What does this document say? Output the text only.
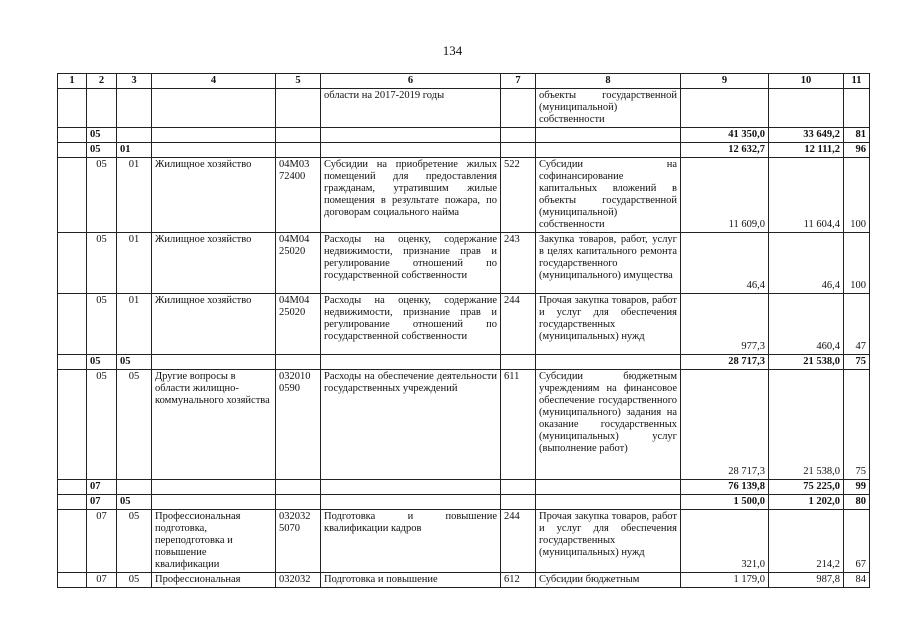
134
1	2	3	4	5	6	7	8	9	10	11
					области на 2017-2019 годы		объекты государственной (муниципальной) собственности			
	05							41 350,0	33 649,2	81
	05	01						12 632,7	12 111,2	96
	05	01	Жилищное хозяйство	04М03 72400	Субсидии на приобретение жилых помещений для предоставления гражданам, утратившим жилые помещения в результате пожара, по договорам социального найма	522	Субсидии на софинансирование капитальных вложений в объекты государственной (муниципальной) собственности	11 609,0	11 604,4	100
	05	01	Жилищное хозяйство	04М04 25020	Расходы на оценку, содержание недвижимости, признание прав и регулирование отношений по государственной собственности	243	Закупка товаров, работ, услуг в целях капитального ремонта государственного (муниципального) имущества	46,4	46,4	100
	05	01	Жилищное хозяйство	04М04 25020	Расходы на оценку, содержание недвижимости, признание прав и регулирование отношений по государственной собственности	244	Прочая закупка товаров, работ и услуг для обеспечения государственных (муниципальных) нужд	977,3	460,4	47
	05	05						28 717,3	21 538,0	75
	05	05	Другие вопросы в области жилищно-коммунального хозяйства	032010 0590	Расходы на обеспечение деятельности государственных учреждений	611	Субсидии бюджетным учреждениям на финансовое обеспечение государственного (муниципального) задания на оказание государственных (муниципальных) услуг (выполнение работ)	28 717,3	21 538,0	75
	07							76 139,8	75 225,0	99
	07	05						1 500,0	1 202,0	80
	07	05	Профессиональная подготовка, переподготовка и повышение квалификации	032032 5070	Подготовка и повышение квалификации кадров	244	Прочая закупка товаров, работ и услуг для обеспечения государственных (муниципальных) нужд	321,0	214,2	67
	07	05	Профессиональная	032032	Подготовка и повышение	612	Субсидии бюджетным	1 179,0	987,8	84
